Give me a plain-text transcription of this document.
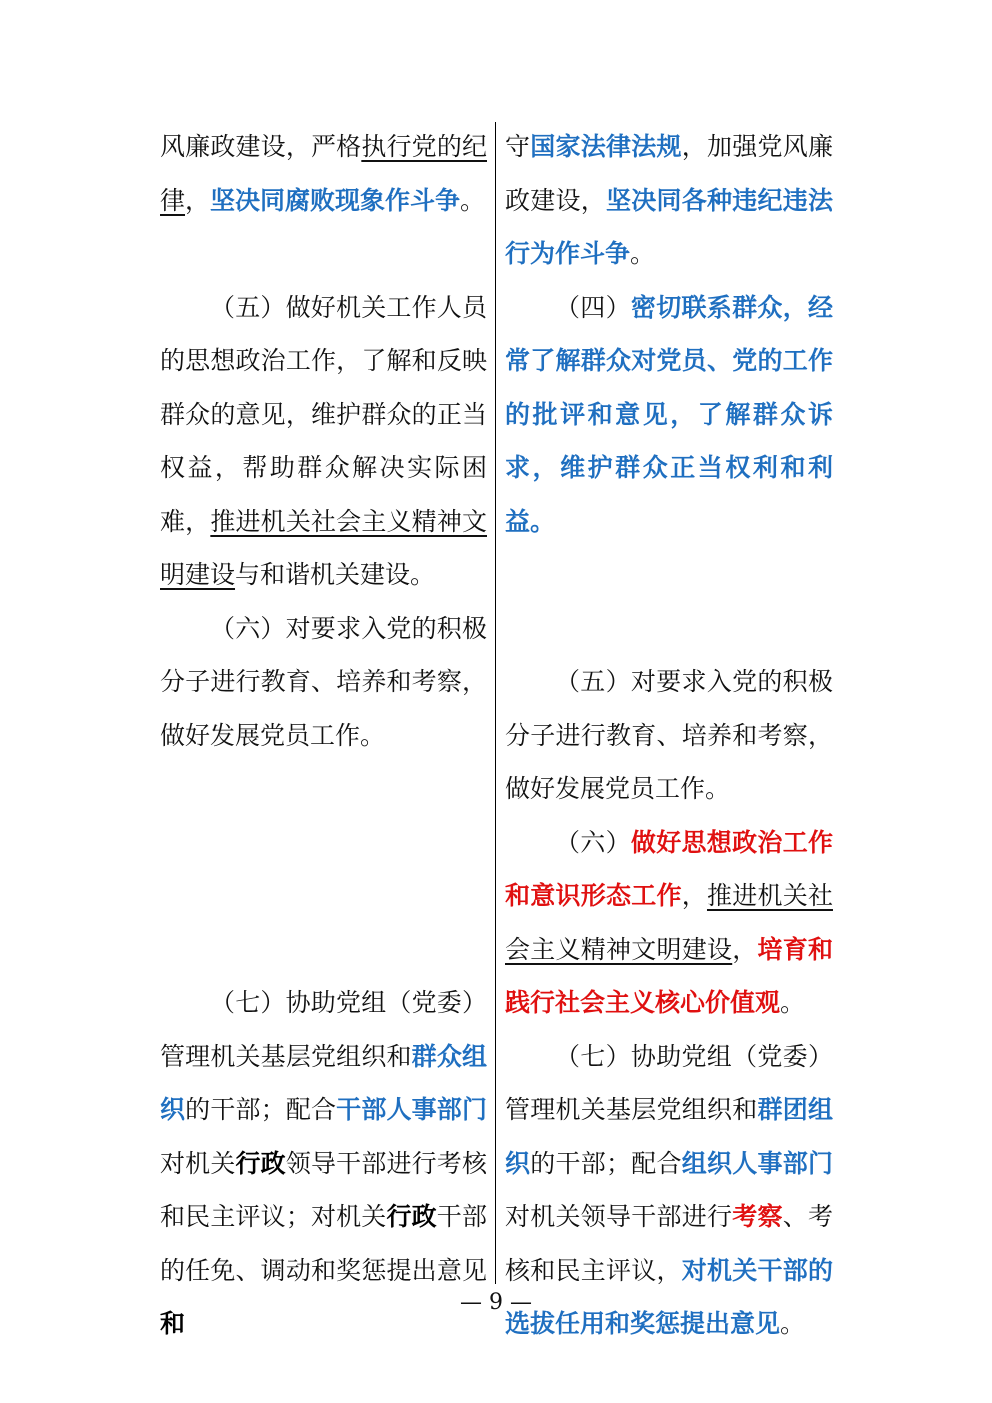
风廉政建设，严格执行党的纪律，坚决同腐败现象作斗争。

（五）做好机关工作人员的思想政治工作，了解和反映群众的意见，维护群众的正当权益，帮助群众解决实际困难，推进机关社会主义精神文明建设与和谐机关建设。

（六）对要求入党的积极分子进行教育、培养和考察，做好发展党员工作。

（七）协助党组（党委）管理机关基层党组织和群众组织的干部；配合干部人事部门对机关行政领导干部进行考核和民主评议；对机关行政干部的任免、调动和奖惩提出意见和

守国家法律法规，加强党风廉政建设，坚决同各种违纪违法行为作斗争。

（四）密切联系群众，经常了解群众对党员、党的工作的批评和意见，了解群众诉求，维护群众正当权利和利益。

（五）对要求入党的积极分子进行教育、培养和考察，做好发展党员工作。

（六）做好思想政治工作和意识形态工作，推进机关社会主义精神文明建设，培育和践行社会主义核心价值观。

（七）协助党组（党委）管理机关基层党组织和群团组织的干部；配合组织人事部门对机关领导干部进行考察、考核和民主评议，对机关干部的选拔任用和奖惩提出意见。

— 9 —
